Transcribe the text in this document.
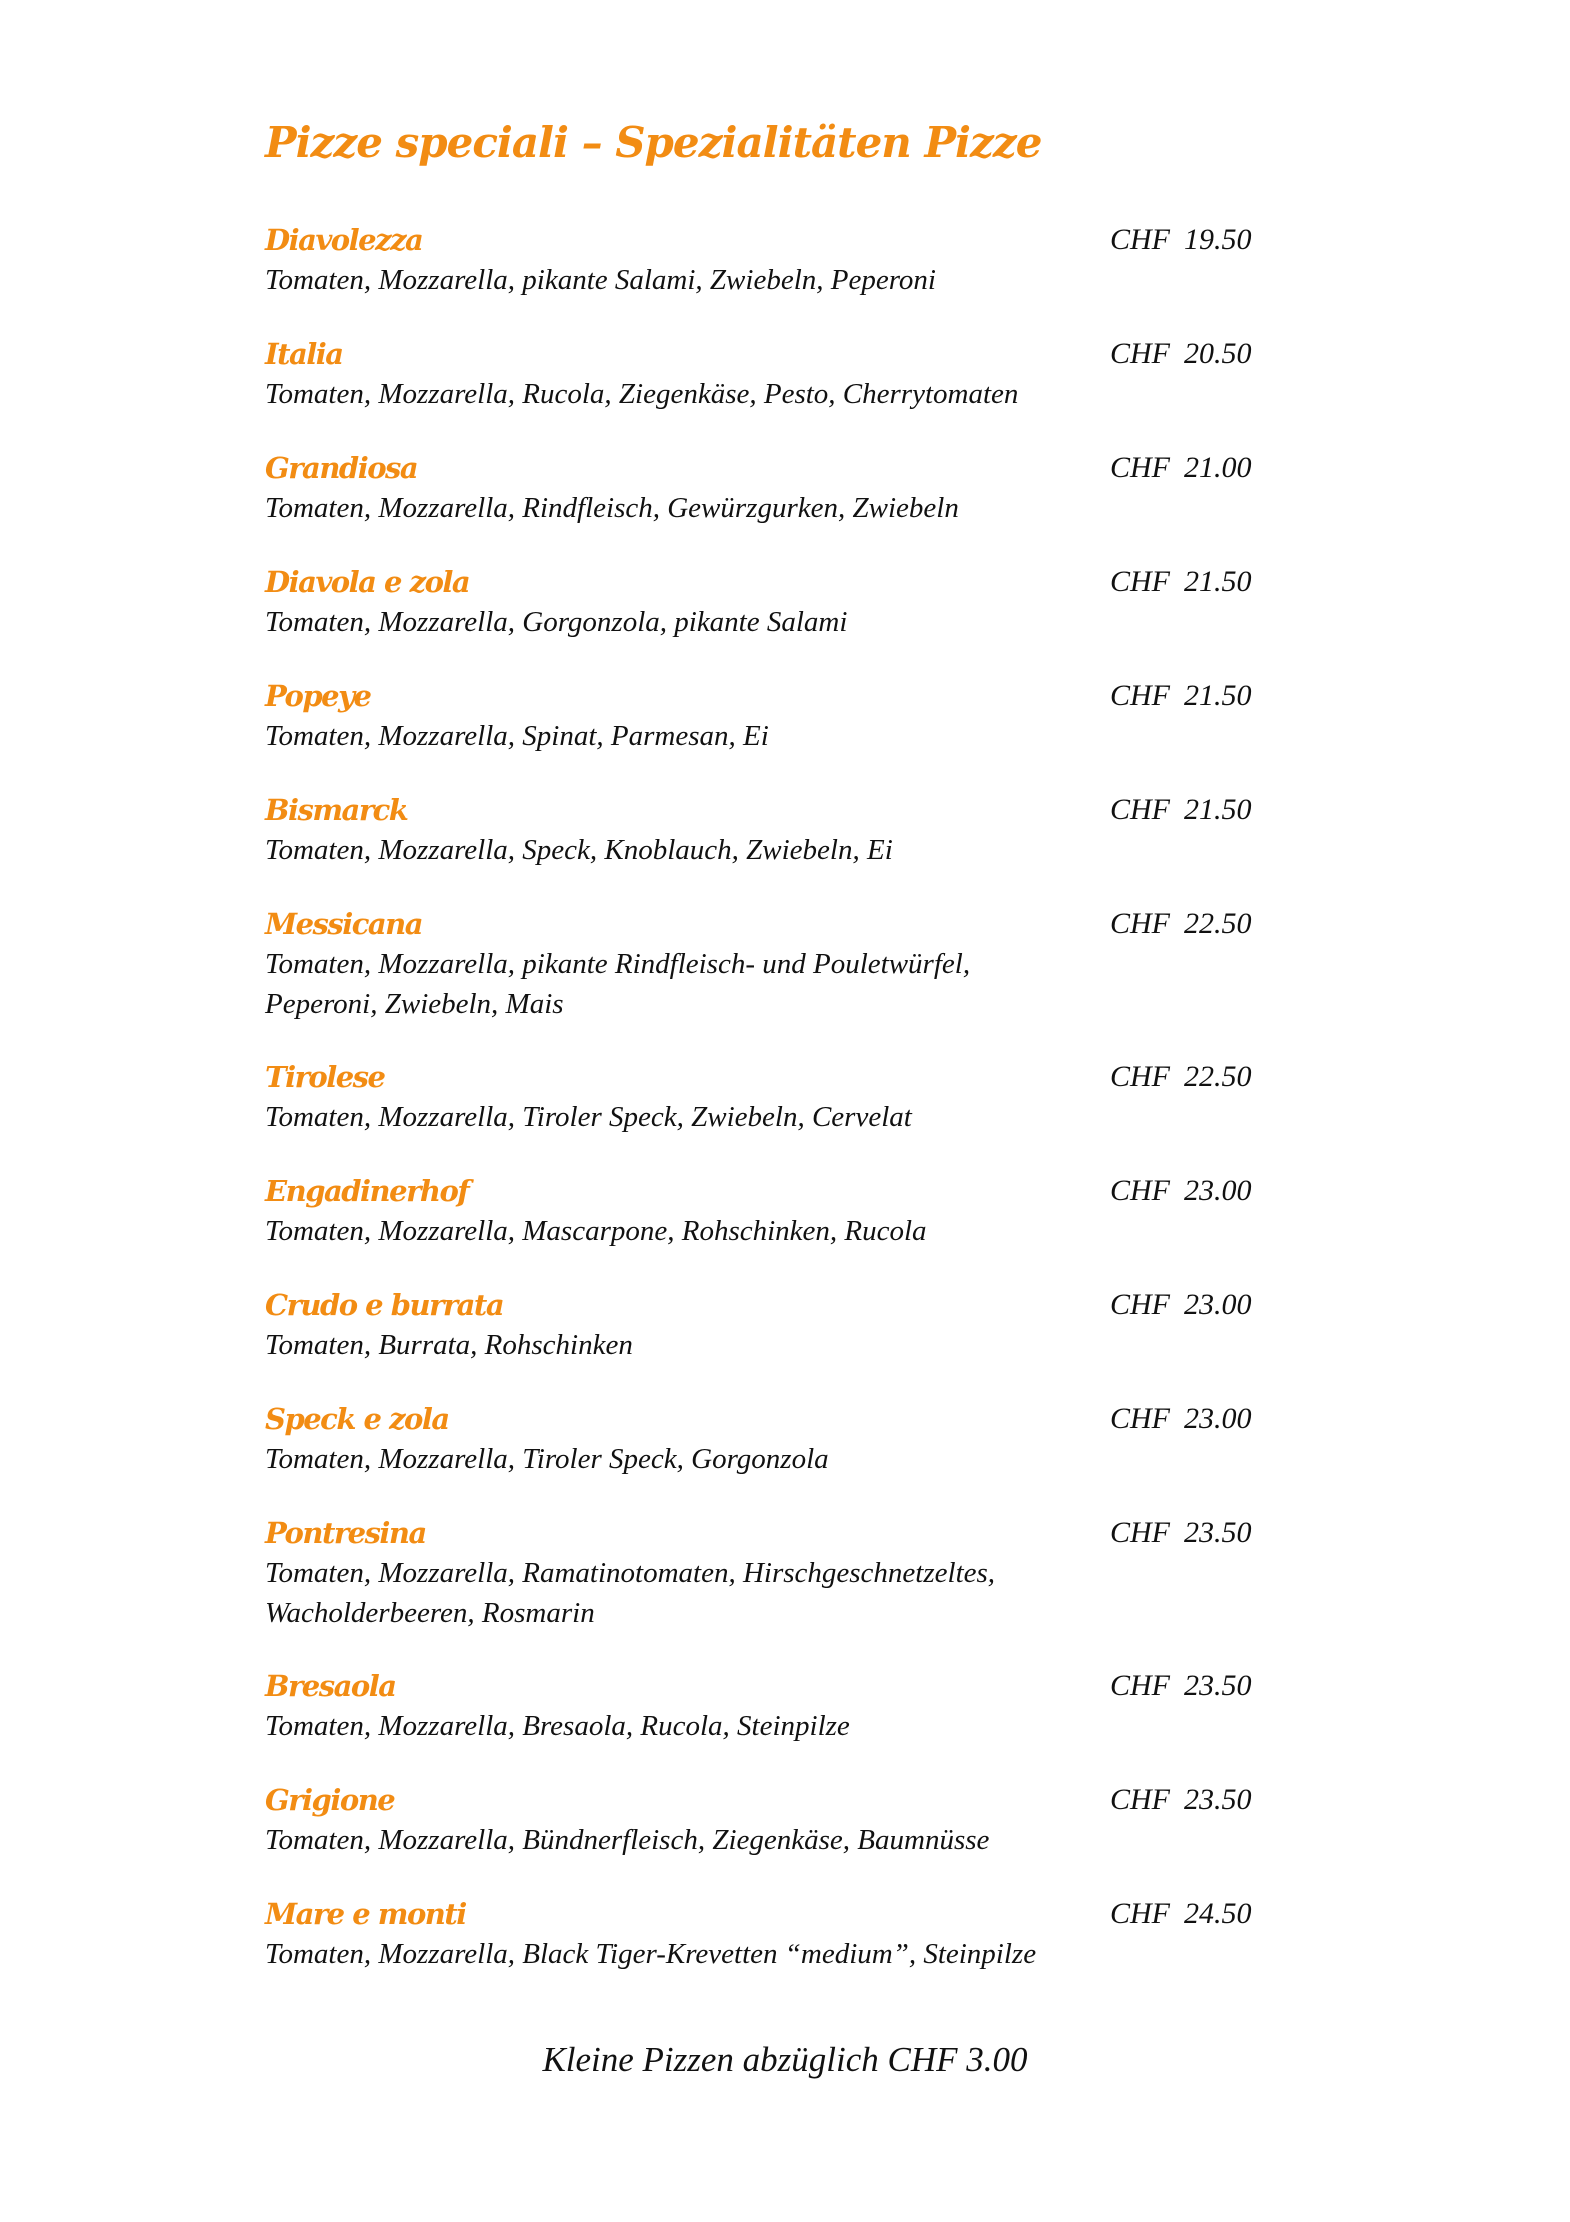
Pizze speciali – Spezialitäten Pizze
Diavolezza	CHF 19.50
Tomaten, Mozzarella, pikante Salami, Zwiebeln, Peperoni
Italia	CHF 20.50
Tomaten, Mozzarella, Rucola, Ziegenkäse, Pesto, Cherrytomaten
Grandiosa	CHF 21.00
Tomaten, Mozzarella, Rindfleisch, Gewürzgurken, Zwiebeln
Diavola e zola	CHF 21.50
Tomaten, Mozzarella, Gorgonzola, pikante Salami
Popeye	CHF 21.50
Tomaten, Mozzarella, Spinat, Parmesan, Ei
Bismarck	CHF 21.50
Tomaten, Mozzarella, Speck, Knoblauch, Zwiebeln, Ei
Messicana	CHF 22.50
Tomaten, Mozzarella, pikante Rindfleisch- und Pouletwürfel, Peperoni, Zwiebeln, Mais
Tirolese	CHF 22.50
Tomaten, Mozzarella, Tiroler Speck, Zwiebeln, Cervelat
Engadinerhof	CHF 23.00
Tomaten, Mozzarella, Mascarpone, Rohschinken, Rucola
Crudo e burrata	CHF 23.00
Tomaten, Burrata, Rohschinken
Speck e zola	CHF 23.00
Tomaten, Mozzarella, Tiroler Speck, Gorgonzola
Pontresina	CHF 23.50
Tomaten, Mozzarella, Ramatinotomaten, Hirschgeschnetzeltes, Wacholderbeeren, Rosmarin
Bresaola	CHF 23.50
Tomaten, Mozzarella, Bresaola, Rucola, Steinpilze
Grigione	CHF 23.50
Tomaten, Mozzarella, Bündnerfleisch, Ziegenkäse, Baumnüsse
Mare e monti	CHF 24.50
Tomaten, Mozzarella, Black Tiger-Krevetten “medium”, Steinpilze

Kleine Pizzen abzüglich CHF 3.00
